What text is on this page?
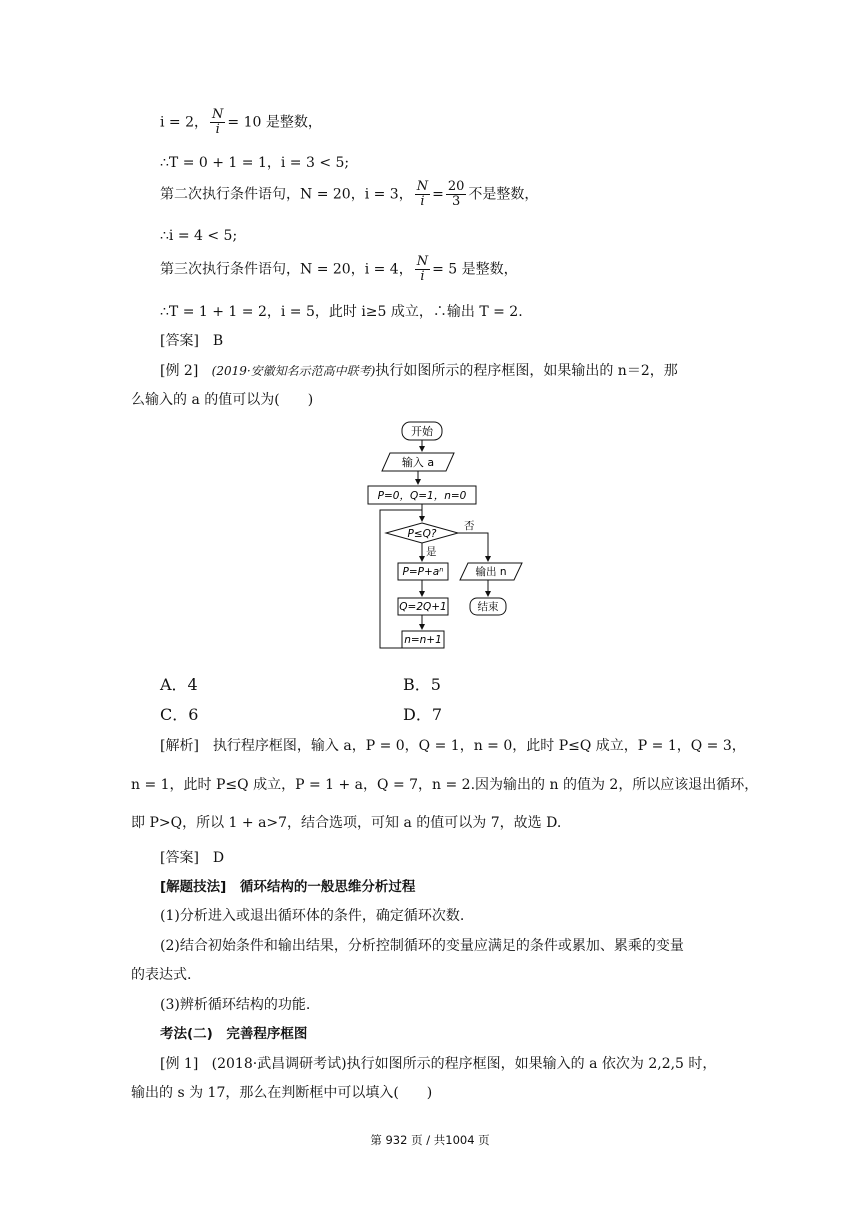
i = 2， $\frac{N}{i} = 10$ 是整数，
∴T = 0 + 1 = 1，i = 3 < 5;
第二次执行条件语句，N = 20，i = 3， $\frac{N}{i} = \frac{20}{3}$ 不是整数，
∴i = 4 < 5;
第三次执行条件语句，N = 20，i = 4， $\frac{N}{i} = 5$ 是整数，
∴T = 1 + 1 = 2，i = 5，此时 i≥5 成立，∴输出 T = 2.
[答案]　B
[例 2] (2019·安徽知名示范高中联考)执行如图所示的程序框图，如果输出的 n＝2，那
么输入的 a 的值可以为(　　)
开始
输入 a
P=0，Q=1，n=0
P≤Q?
否
是
P=P+aⁿ
Q=2Q+1
n=n+1
输出 n
结束
A．4	B．5
C．6	D．7
[解析]　执行程序框图，输入 a，P = 0，Q = 1，n = 0，此时 P≤Q 成立，P = 1，Q = 3，
n = 1，此时 P≤Q 成立，P = 1 + a，Q = 7，n = 2.因为输出的 n 的值为 2，所以应该退出循环，
即 P>Q，所以 1 + a>7，结合选项，可知 a 的值可以为 7，故选 D.
[答案]　D
[解题技法]　循环结构的一般思维分析过程
(1)分析进入或退出循环体的条件，确定循环次数.
(2)结合初始条件和输出结果，分析控制循环的变量应满足的条件或累加、累乘的变量
的表达式.
(3)辨析循环结构的功能.
考法(二)　完善程序框图
[例 1] (2018·武昌调研考试)执行如图所示的程序框图，如果输入的 a 依次为 2,2,5 时，
输出的 s 为 17，那么在判断框中可以填入(　　)
第 932 页 / 共1004 页
